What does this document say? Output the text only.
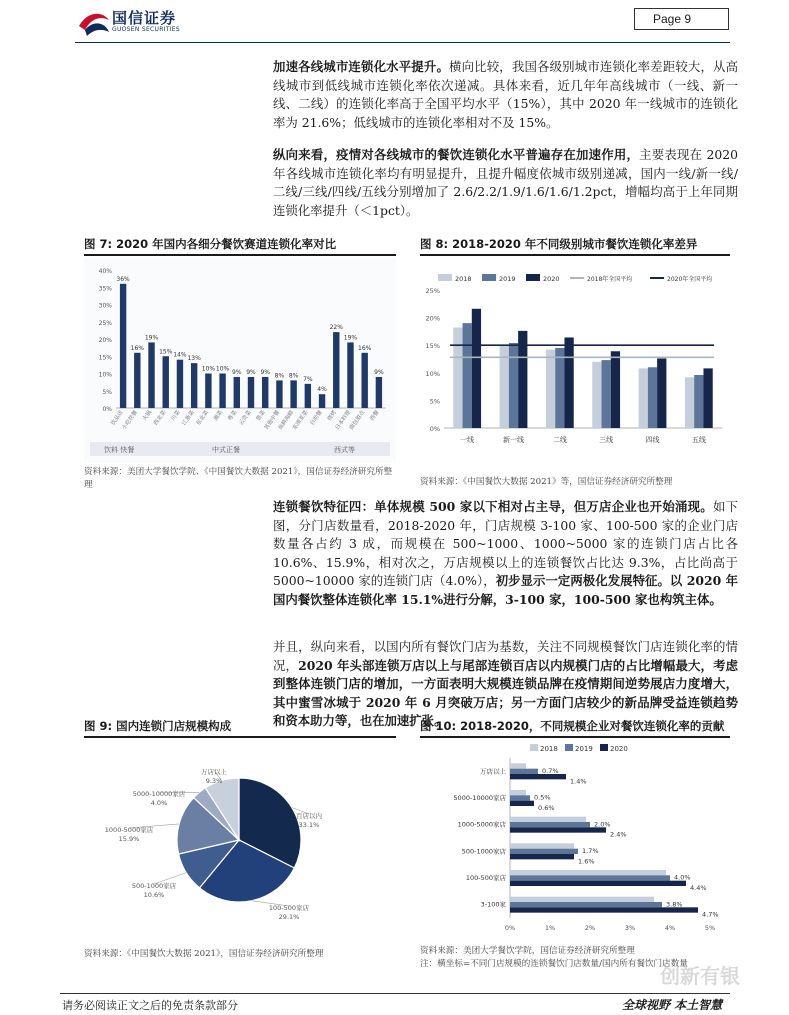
国信证券
GUOSEN SECURITIES
Page 9
加速各线城市连锁化水平提升。横向比较，我国各级别城市连锁化率差距较大，从高线城市到低线城市连锁化率依次递减。具体来看，近几年年高线城市（一线、新一线、二线）的连锁化率高于全国平均水平（15%），其中 2020 年一线城市的连锁化率为 21.6%；低线城市的连锁化率相对不及 15%。
纵向来看，疫情对各线城市的餐饮连锁化水平普遍存在加速作用，主要表现在 2020 年各线城市连锁化率均有明显提升，且提升幅度依城市级别递减，国内一线/新一线/二线/三线/四线/五线分别增加了 2.6/2.2/1.9/1.6/1.6/1.2pct，增幅均高于上年同期连锁化率提升（＜1pct）。
图 7: 2020 年国内各细分餐饮赛道连锁化率对比
0%
5%
10%
15%
20%
25%
30%
35%
40%
36%
饮品店
16%
小吃快餐
19%
火锅
15%
西北菜
14%
川菜
13%
江浙菜
10%
东北菜
10%
湘菜
9%
粤菜
9%
云贵菜
9%
鲁菜
8%
其他中餐
8%
鱼鲜海鲜
7%
东南亚菜
4%
自助餐
22%
烧烤
19%
日本料理
16%
面包甜点
9%
西餐
饮料 快餐	中式正餐	西式等
资料来源：美团大学餐饮学院、《中国餐饮大数据 2021》，国信证券经济研究所整理
图 8: 2018-2020 年不同级别城市餐饮连锁化率差异
2018	2019	2020	2018年全国平均	2020年全国平均
0%
5%
10%
15%
20%
25%
一线	新一线	二线	三线	四线	五线
资料来源：《中国餐饮大数据 2021》等，国信证券经济研究所整理
连锁餐饮特征四：单体规模 500 家以下相对占主导，但万店企业也开始涌现。如下图，分门店数量看，2018-2020 年，门店规模 3-100 家、100-500 家的企业门店数量各占约 3 成，而规模在 500~1000、1000~5000 家的连锁门店占比各 10.6%、15.9%，相对次之，万店规模以上的连锁餐饮占比达 9.3%，占比尚高于 5000~10000 家的连锁门店（4.0%），初步显示一定两极化发展特征。以 2020 年国内餐饮整体连锁化率 15.1%进行分解，3-100 家，100-500 家也构筑主体。
并且，纵向来看，以国内所有餐饮门店为基数，关注不同规模餐饮门店连锁化率的情况，2020 年头部连锁万店以上与尾部连锁百店以内规模门店的占比增幅最大，考虑到整体连锁门店的增加，一方面表明大规模连锁品牌在疫情期间逆势展店力度增大，其中蜜雪冰城于 2020 年 6 月突破万店；另一方面门店较少的新品牌受益连锁趋势和资本助力等，也在加速扩张。
图 9: 国内连锁门店规模构成
百店以内
33.1%
100-500家店
29.1%
500-1000家店
10.6%
1000-5000家店
15.9%
5000-10000家店
4.0%
万店以上
9.3%
资料来源：《中国餐饮大数据 2021》，国信证券经济研究所整理
图 10: 2018-2020，不同规模企业对餐饮连锁化率的贡献
2018 2019 2020
万店以上	0.7%
1.4%
5000-10000家店	0.5%
0.6%
1000-5000家店	2.0%
2.4%
500-1000家店	1.7%
1.6%
100-500家店	4.0%
4.4%
3-100家	3.8%
4.7%
0%	1%	2%	3%	4%	5%
资料来源：美团大学餐饮学院，国信证券经济研究所整理
注：横坐标=不同门店规模的连锁餐饮门店数量/国内所有餐饮门店数量
请务必阅读正文之后的免责条款部分	全球视野 本土智慧
创新有银
